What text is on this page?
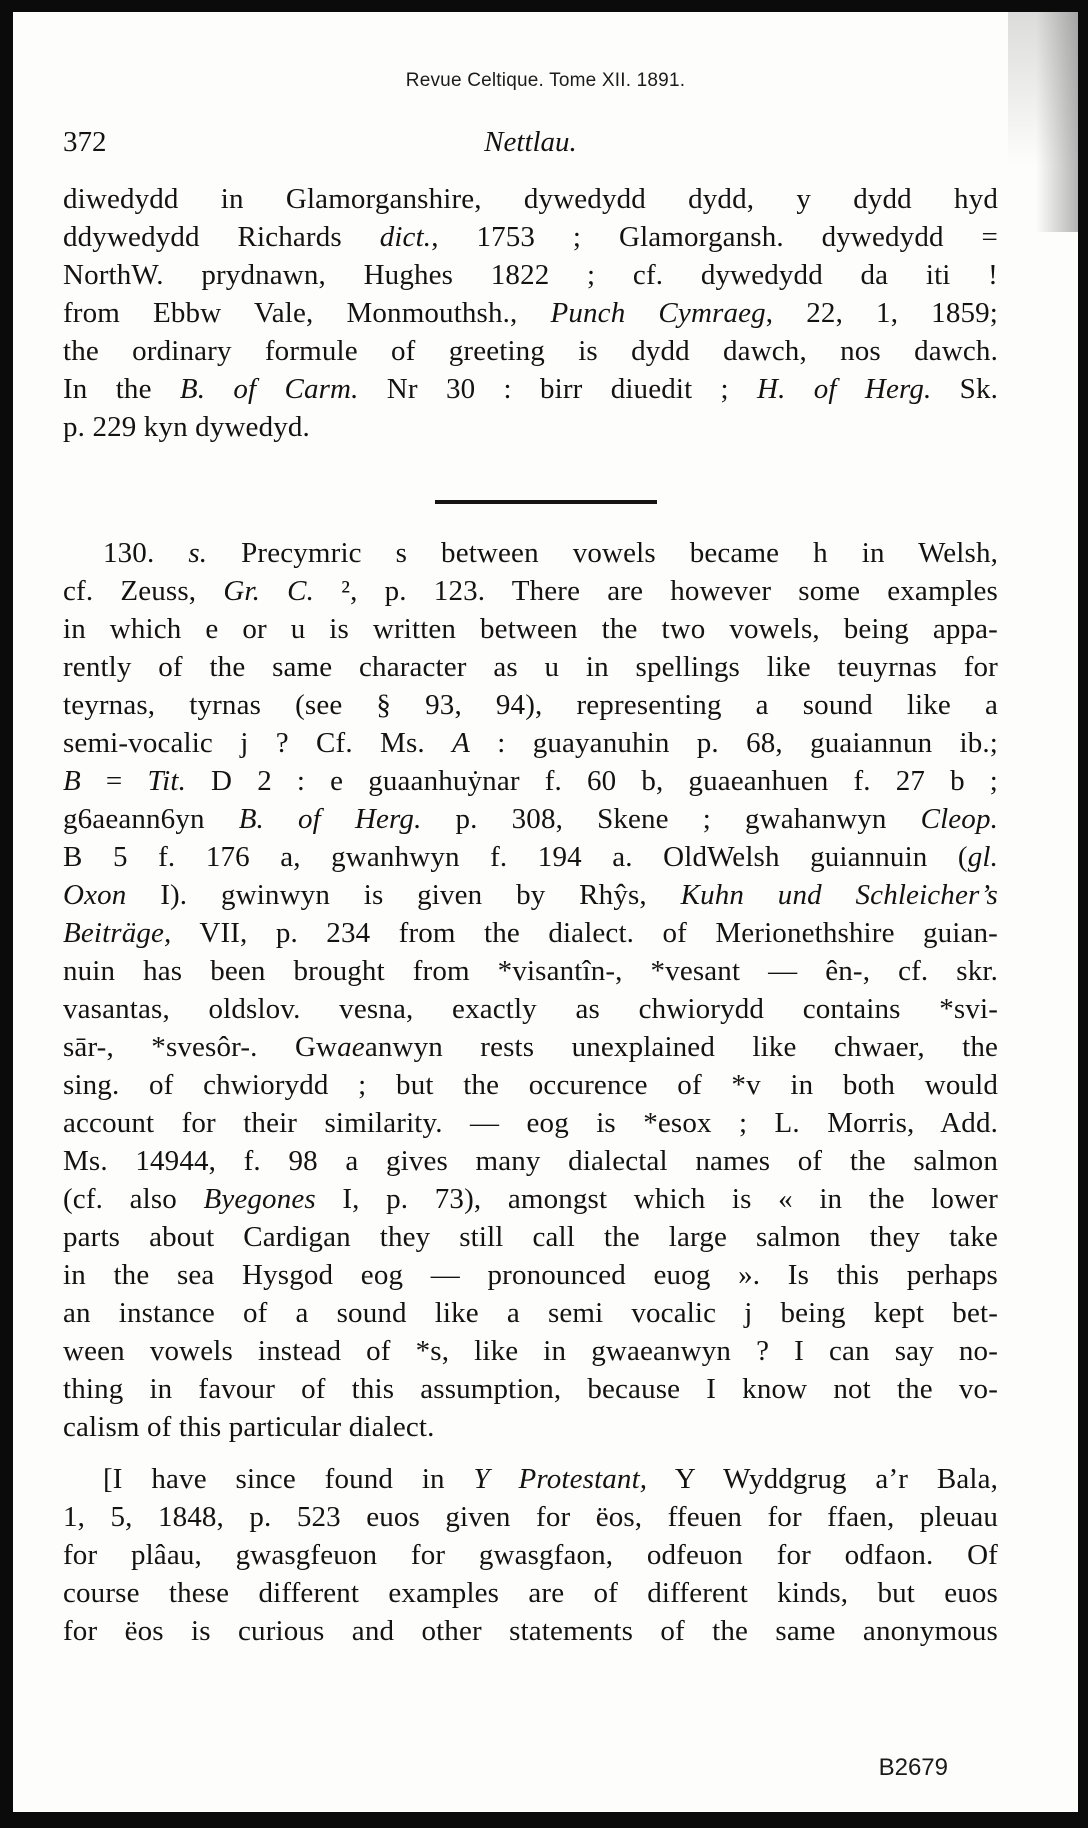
Revue Celtique. Tome XII. 1891.
372	Nettlau.
diwedydd in Glamorganshire, dywedydd dydd, y dydd hyd
ddywedydd Richards dict., 1753 ; Glamorgansh. dywedydd =
NorthW. prydnawn, Hughes 1822 ; cf. dywedydd da iti !
from Ebbw Vale, Monmouthsh., Punch Cymraeg, 22, 1, 1859;
the ordinary formule of greeting is dydd dawch, nos dawch.
In the B. of Carm. Nr 30 : birr diuedit ; H. of Herg. Sk.
p. 229 kyn dywedyd.
130. s. Precymric s between vowels became h in Welsh,
cf. Zeuss, Gr. C. ², p. 123. There are however some examples
in which e or u is written between the two vowels, being appa-
rently of the same character as u in spellings like teuyrnas for
teyrnas, tyrnas (see § 93, 94), representing a sound like a
semi-vocalic j ? Cf. Ms. A : guayanuhin p. 68, guaiannun ib.;
B = Tit. D 2 : e guaanhuẏnar f. 60 b, guaeanhuen f. 27 b ;
g6aeann6yn B. of Herg. p. 308, Skene ; gwahanwyn Cleop.
B 5 f. 176 a, gwanhwyn f. 194 a. OldWelsh guiannuin (gl.
Oxon I). gwinwyn is given by Rhŷs, Kuhn und Schleicher’s
Beiträge, VII, p. 234 from the dialect. of Merionethshire guian-
nuin has been brought from *visantîn-, *vesant — ên-, cf. skr.
vasantas, oldslov. vesna, exactly as chwiorydd contains *svi-
sār-, *svesôr-. Gwaeanwyn rests unexplained like chwaer, the
sing. of chwiorydd ; but the occurence of *v in both would
account for their similarity. — eog is *esox ; L. Morris, Add.
Ms. 14944, f. 98 a gives many dialectal names of the salmon
(cf. also Byegones I, p. 73), amongst which is « in the lower
parts about Cardigan they still call the large salmon they take
in the sea Hysgod eog — pronounced euog ». Is this perhaps
an instance of a sound like a semi vocalic j being kept bet-
ween vowels instead of *s, like in gwaeanwyn ? I can say no-
thing in favour of this assumption, because I know not the vo-
calism of this particular dialect.
[I have since found in Y Protestant, Y Wyddgrug a’r Bala,
1, 5, 1848, p. 523 euos given for ëos, ffeuen for ffaen, pleuau
for plâau, gwasgfeuon for gwasgfaon, odfeuon for odfaon. Of
course these different examples are of different kinds, but euos
for ëos is curious and other statements of the same anonymous
B2679
